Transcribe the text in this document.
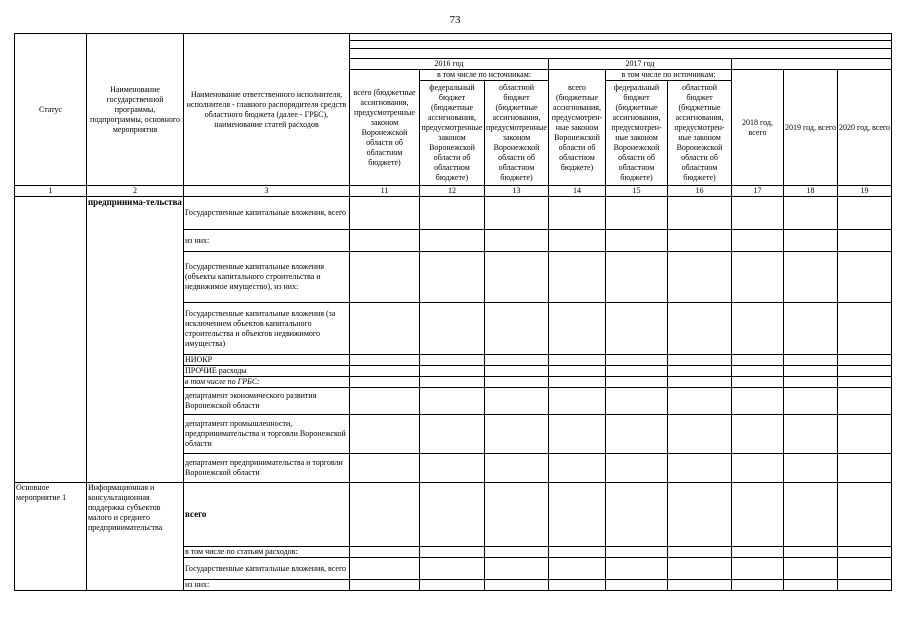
73
Статус	Наименование государственной программы, подпрограммы, основного мероприятия	Наименование ответственного исполнителя, исполнителя - главного распорядителя средств областного бюджета (далее - ГРБС), наименование статей расходов									

			2016 год			2017 год					
			всего (бюджетные ассигнования, предусмотренные законом Воронежской области об областном бюджете)	в том числе по источникам:		всего (бюджетные ассигнования, предусмотрен-ные законом Воронежской области об областном бюджете)	в том числе по источникам:		2018 год, всего	2019 год, всего	2020 год, всего
				федеральный бюджет (бюджетные ассигнования, предусмотренные законом Воронежской области об областном бюджете)	областной бюджет (бюджетные ассигнования, предусмотренные законом Воронежской области об областном бюджете)		федеральный бюджет (бюджетные ассигнования, предусмотрен-ные законом Воронежской области об областном бюджете)	областной бюджет (бюджетные ассигнования, предусмотрен-ные законом Воронежской области об областном бюджете)			
1	2	3	11	12	13	14	15	16	17	18	19
	предпринима-тельства	Государственные капитальные вложения, всего									
		из них:									
		Государственные капитальные вложения (объекты капитального строительства и недвижимое имущество), из них:									
		Государственные капитальные вложения (за исключением объектов капитального строительства и объектов недвижимого имущества)									
		НИОКР									
		ПРОЧИЕ расходы									
		в том числе по ГРБС:									
		департамент экономического развития Воронежской области									
		департамент промышленности, предпринимательства и торговли Воронежской области									
		департамент предпринимательства и торговли Воронежской области									
Основное мероприятие 1	Информационная и консультационная поддержка субъектов малого и среднего предпринимательства	всего									
		в том числе по статьям расходов:									
		Государственные капитальные вложения, всего									
		из них:									
